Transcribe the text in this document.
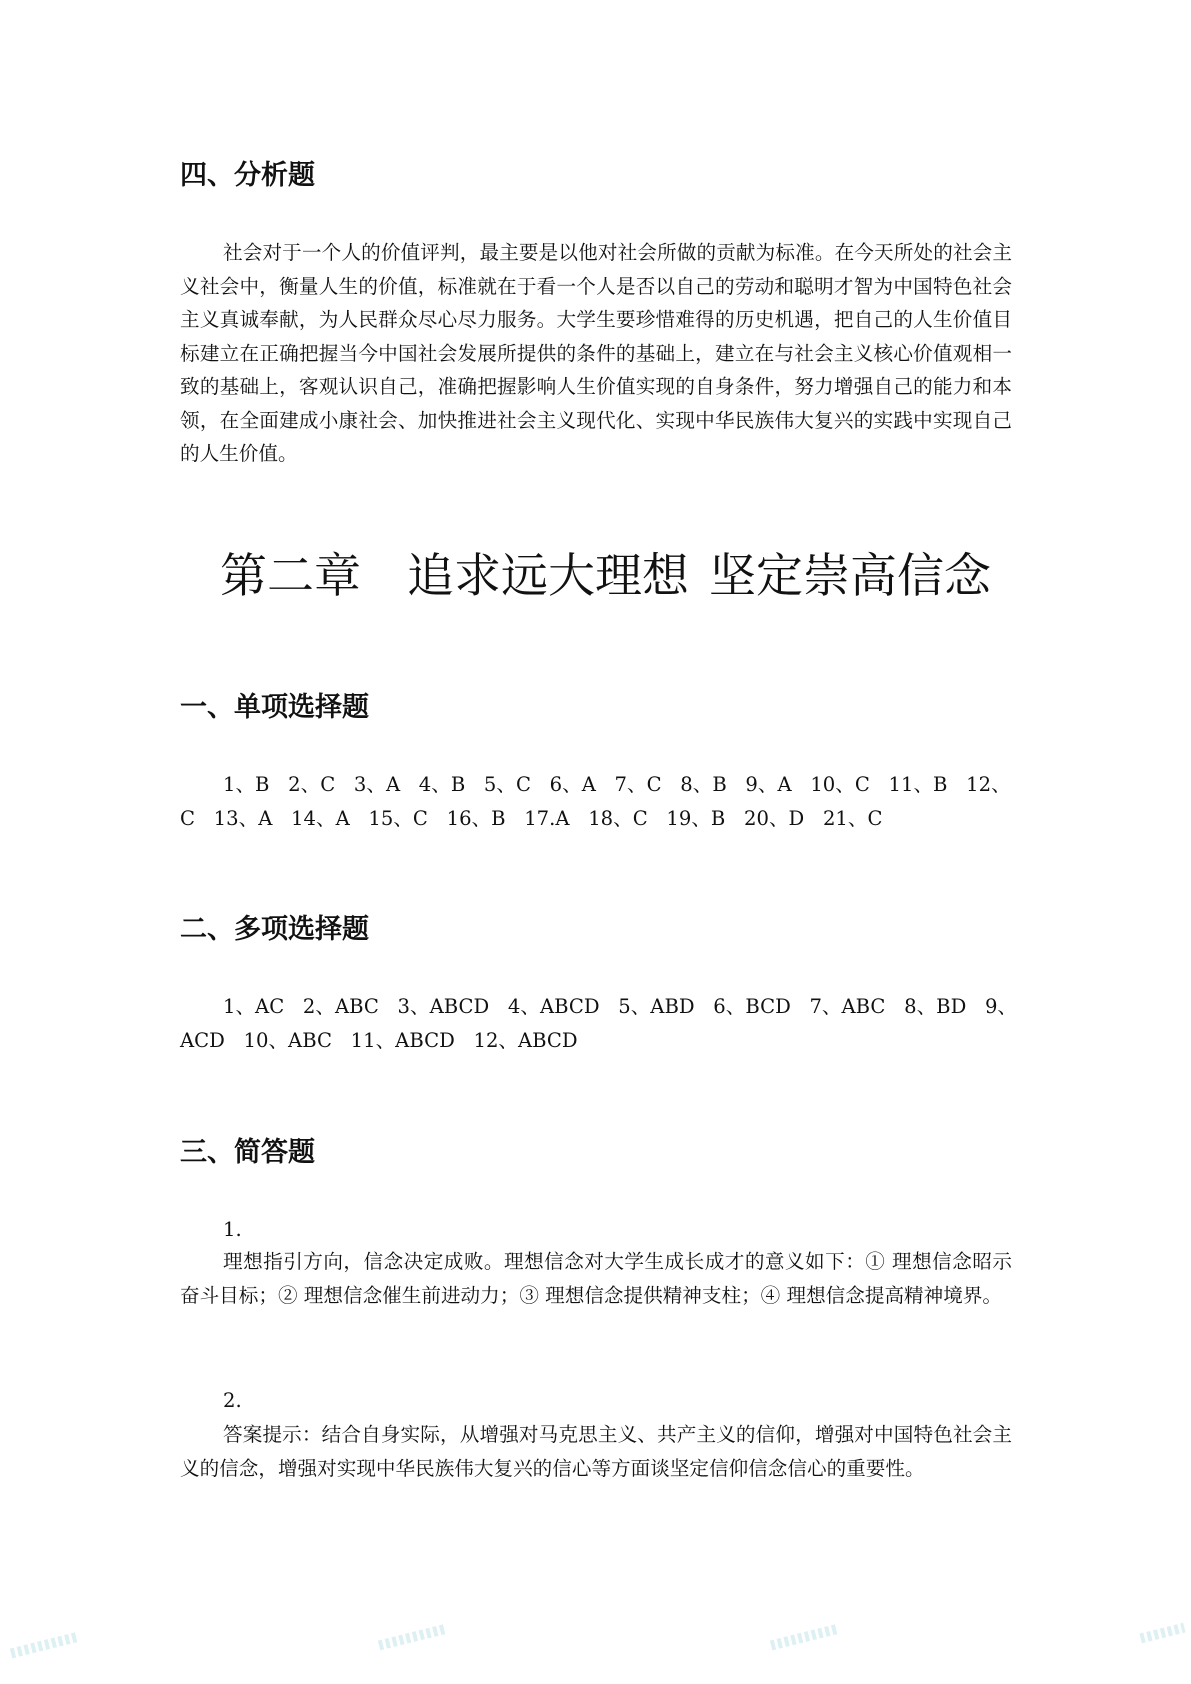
四、分析题

社会对于一个人的价值评判，最主要是以他对社会所做的贡献为标准。在今天所处的社会主义社会中，衡量人生的价值，标准就在于看一个人是否以自己的劳动和聪明才智为中国特色社会主义真诚奉献，为人民群众尽心尽力服务。大学生要珍惜难得的历史机遇，把自己的人生价值目标建立在正确把握当今中国社会发展所提供的条件的基础上，建立在与社会主义核心价值观相一致的基础上，客观认识自己，准确把握影响人生价值实现的自身条件，努力增强自己的能力和本领，在全面建成小康社会、加快推进社会主义现代化、实现中华民族伟大复兴的实践中实现自己的人生价值。

第二章 追求远大理想 坚定崇高信念
一、单项选择题

1、B   2、C   3、A   4、B   5、C   6、A   7、C   8、B   9、A   10、C   11、B   12、

C   13、A   14、A   15、C   16、B   17.A   18、C   19、B   20、D   21、C

二、多项选择题

1、AC   2、ABC   3、ABCD   4、ABCD   5、ABD   6、BCD   7、ABC   8、BD   9、

ACD   10、ABC   11、ABCD   12、ABCD

三、简答题

1.

理想指引方向，信念决定成败。理想信念对大学生成长成才的意义如下：① 理想信念昭示奋斗目标；② 理想信念催生前进动力；③ 理想信念提供精神支柱；④ 理想信念提高精神境界。

2.

答案提示：结合自身实际，从增强对马克思主义、共产主义的信仰，增强对中国特色社会主义的信念，增强对实现中华民族伟大复兴的信心等方面谈坚定信仰信念信心的重要性。
